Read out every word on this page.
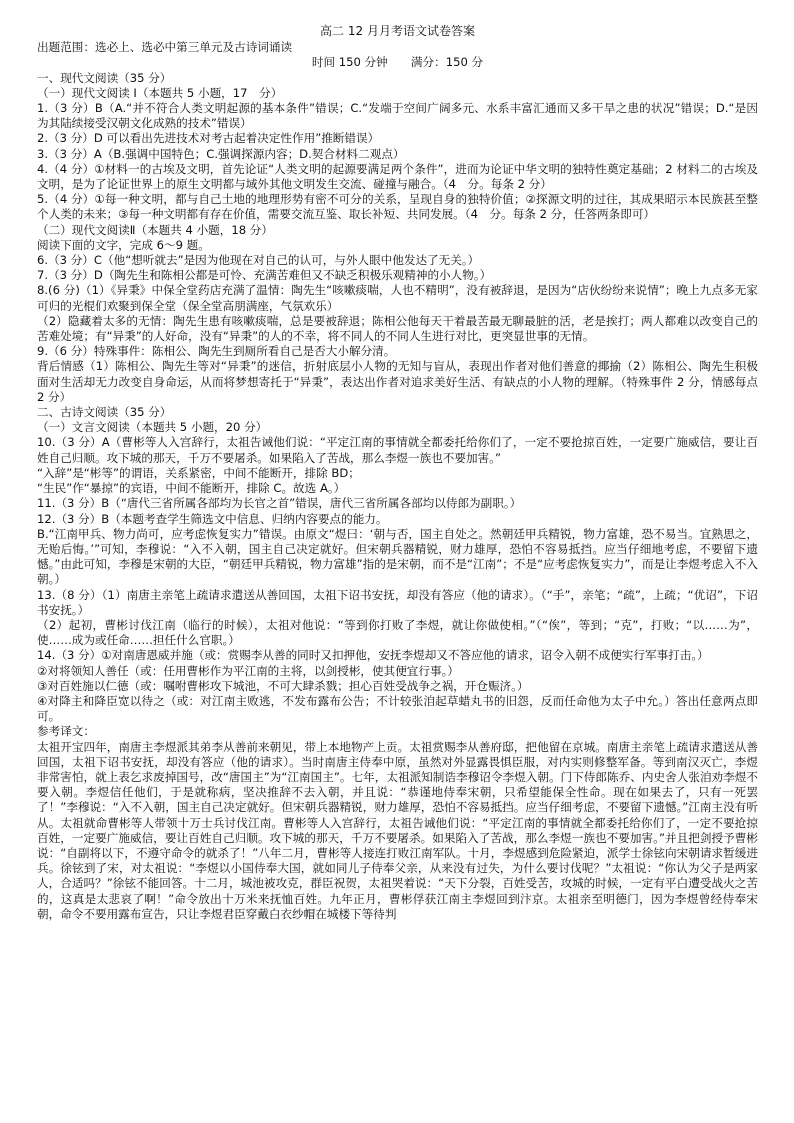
高二 12 月月考语文试卷答案
出题范围：选必上、选必中第三单元及古诗词诵读
时间 150 分钟　　满分：150 分
一、现代文阅读（35 分）
（一）现代文阅读 I（本题共 5 小题，17　分）
1.（3 分）B（A.“并不符合人类文明起源的基本条件”错误；C.“发端于空间广阔多元、水系丰富汇通而又多干旱之患的状况”错误；D.“是因为其陆续接受汉朝文化成熟的技术”错误）
2.（3 分）D 可以看出先进技术对考古起着决定性作用”推断错误）
3.（3 分）A（B.强调中国特色；C.强调探源内容；D.契合材料二观点）
4.（4 分）①材料一的古埃及文明，首先论证“人类文明的起源要满足两个条件”，进而为论证中华文明的独特性奠定基础；2 材料二的古埃及文明，是为了论证世界上的原生文明都与域外其他文明发生交流、碰撞与融合。（4　分。每条 2 分）
5.（4 分）①每一种文明，都与自己土地的地理形势有密不可分的关系，呈现自身的独特价值；②探源文明的过往，其成果昭示本民族甚至整个人类的未来；③每一种文明都有存在价值，需要交流互鉴、取长补短、共同发展。（4　分。每条 2 分，任答两条即可）
（二）现代文阅读Ⅱ（本题共 4 小题，18 分）
阅读下面的文字，完成 6～9 题。
6.（3 分）C（他“想听就去”是因为他现在对自己的认可，与外人眼中他发达了无关。）
7.（3 分）D（陶先生和陈相公都是可怜、充满苦难但又不缺乏积极乐观精神的小人物。）
8.(6 分)（1）《异秉》中保全堂药店充满了温情：陶先生“咳嗽痰喘，人也不精明”，没有被辞退，是因为“店伙纷纷来说情”；晚上九点多无家可归的光棍们欢聚到保全堂（保全堂高朋满座，气氛欢乐）
（2）隐藏着太多的无情：陶先生患有咳嗽痰喘，总是要被辞退；陈相公他每天干着最苦最无聊最脏的活，老是挨打；两人都难以改变自己的苦难处境；有“异秉”的人好命，没有“异秉”的人的不幸，将不同人的不同人生进行对比，更突显世事的无情。
9.（6 分）特殊事件：陈相公、陶先生到厕所看自己是否大小解分清。
背后情感（1）陈相公、陶先生等对“异秉”的迷信，折射底层小人物的无知与盲从，表现出作者对他们善意的揶揄（2）陈相公、陶先生积极面对生活却无力改变自身命运，从而将梦想寄托于“异秉”，表达出作者对追求美好生活、有缺点的小人物的理解。（特殊事件 2 分，情感每点 2 分）
二、古诗文阅读（35 分）
（一）文言文阅读（本题共 5 小题，20 分）
10.（3 分）A（曹彬等人入宫辞行，太祖告诫他们说：“平定江南的事情就全都委托给你们了，一定不要抢掠百姓，一定要广施威信，要让百姓自己归顺。攻下城的那天，千万不要屠杀。如果陷入了苦战，那么李煜一族也不要加害。”
“入辞”是“彬等”的谓语，关系紧密，中间不能断开，排除 BD；
“生民”作“暴掠”的宾语，中间不能断开，排除 C。故选 A。）
11.（3 分）B（“唐代三省所属各部均为长官之首”错误，唐代三省所属各部均以侍郎为副职。）
12.（3 分）B（本题考查学生筛选文中信息、归纳内容要点的能力。
B.“江南甲兵、物力尚可，应考虑恢复实力”错误。由原文“煜曰：‘朝与否，国主自处之。然朝廷甲兵精锐，物力富雄，恐不易当。宜熟思之，无贻后悔。’”可知，李穆说：“入不入朝，国主自己决定就好。但宋朝兵器精锐，财力雄厚，恐怕不容易抵挡。应当仔细地考虑，不要留下遗憾。”由此可知，李穆是宋朝的大臣，“朝廷甲兵精锐，物力富雄”指的是宋朝，而不是“江南”；不是“应考虑恢复实力”，而是让李煜考虑入不入朝。）
13.（8 分）（1）南唐主亲笔上疏请求遣送从善回国，太祖下诏书安抚，却没有答应（他的请求）。（“手”，亲笔；“疏”，上疏；“优诏”，下诏书安抚。）
（2）起初，曹彬讨伐江南（临行的时候），太祖对他说：“等到你打败了李煜，就让你做使相。”（“俟”，等到；“克”，打败；“以……为”，使……成为或任命……担任什么官职。）
14.（3 分）①对南唐恩威并施（或：赏赐李从善的同时又扣押他，安抚李煜却又不答应他的请求，诏令入朝不成便实行军事打击。）
②对将领知人善任（或：任用曹彬作为平江南的主将，以剑授彬，使其便宜行事。）
③对百姓施以仁德（或：嘱咐曹彬攻下城池，不可大肆杀戮；担心百姓受战争之祸，开仓赈济。）
④对降主和降臣宽以待之（或：对江南主败逃，不发布露布公告；不计较张洎起草蜡丸书的旧怨，反而任命他为太子中允。）答出任意两点即可。
参考译文：
太祖开宝四年，南唐主李煜派其弟李从善前来朝见，带上本地物产上贡。太祖赏赐李从善府邸，把他留在京城。南唐主亲笔上疏请求遣送从善回国，太祖下诏书安抚，却没有答应（他的请求）。当时南唐主侍奉中原，虽然对外显露畏惧臣服，对内实则修整军备。等到南汉灭亡，李煜非常害怕，就上表乞求废掉国号，改“唐国主”为“江南国主”。七年，太祖派知制诰李穆诏令李煜入朝。门下侍郎陈乔、内史舍人张洎劝李煜不要入朝。李煜信任他们，于是就称病，坚决推辞不去入朝，并且说：“恭谨地侍奉宋朝，只希望能保全性命。现在如果去了，只有一死罢了！”李穆说：“入不入朝，国主自己决定就好。但宋朝兵器精锐，财力雄厚，恐怕不容易抵挡。应当仔细考虑，不要留下遗憾。”江南主没有听从。太祖就命曹彬等人带领十万士兵讨伐江南。曹彬等人入宫辞行，太祖告诫他们说：“平定江南的事情就全都委托给你们了，一定不要抢掠百姓，一定要广施威信，要让百姓自己归顺。攻下城的那天，千万不要屠杀。如果陷入了苦战，那么李煜一族也不要加害。”并且把剑授予曹彬说：“自副将以下，不遵守命令的就杀了！”八年二月，曹彬等人接连打败江南军队。十月，李煜感到危险紧迫，派学士徐铉向宋朝请求暂缓进兵。徐铉到了宋，对太祖说：“李煜以小国侍奉大国，就如同儿子侍奉父亲，从来没有过失，为什么要讨伐呢？”太祖说：“你认为父子是两家人，合适吗？”徐铉不能回答。十二月，城池被攻克，群臣祝贺，太祖哭着说：“天下分裂，百姓受苦，攻城的时候，一定有平白遭受战火之苦的，这真是太悲哀了啊！”命令放出十万米来抚恤百姓。九年正月，曹彬俘获江南主李煜回到汴京。太祖亲至明德门，因为李煜曾经侍奉宋朝，命令不要用露布宣告，只让李煜君臣穿戴白衣纱帽在城楼下等待判
